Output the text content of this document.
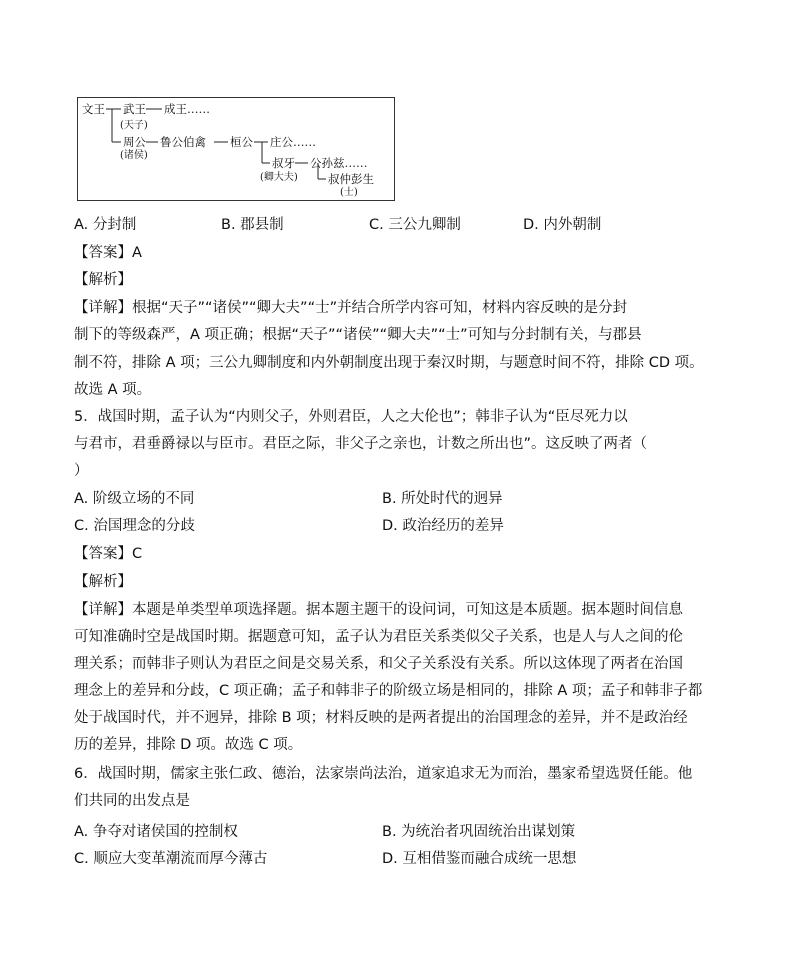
文王 武王 成王……
(天子)
周公
(诸侯)
鲁公伯禽 桓公 庄公……
叔牙
(卿大夫)
公孙兹……
叔仲彭生
(士)
A. 分封制	B. 郡县制	C. 三公九卿制	D. 内外朝制
【答案】A
【解析】
【详解】根据“天子”“诸侯”“卿大夫”“士”并结合所学内容可知，材料内容反映的是分封
制下的等级森严，A 项正确；根据“天子”“诸侯”“卿大夫”“士”可知与分封制有关，与郡县
制不符，排除 A 项；三公九卿制度和内外朝制度出现于秦汉时期，与题意时间不符，排除 CD 项。
故选 A 项。
5．战国时期，孟子认为“内则父子，外则君臣，人之大伦也”；韩非子认为“臣尽死力以
与君市，君垂爵禄以与臣市。君臣之际，非父子之亲也，计数之所出也”。这反映了两者（
）
A. 阶级立场的不同	B. 所处时代的迥异
C. 治国理念的分歧	D. 政治经历的差异
【答案】C
【解析】
【详解】本题是单类型单项选择题。据本题主题干的设问词，可知这是本质题。据本题时间信息
可知准确时空是战国时期。据题意可知，孟子认为君臣关系类似父子关系，也是人与人之间的伦
理关系；而韩非子则认为君臣之间是交易关系，和父子关系没有关系。所以这体现了两者在治国
理念上的差异和分歧，C 项正确；孟子和韩非子的阶级立场是相同的，排除 A 项；孟子和韩非子都
处于战国时代，并不迥异，排除 B 项；材料反映的是两者提出的治国理念的差异，并不是政治经
历的差异，排除 D 项。故选 C 项。
6．战国时期，儒家主张仁政、德治，法家崇尚法治，道家追求无为而治，墨家希望选贤任能。他
们共同的出发点是
A. 争夺对诸侯国的控制权	B. 为统治者巩固统治出谋划策
C. 顺应大变革潮流而厚今薄古	D. 互相借鉴而融合成统一思想
